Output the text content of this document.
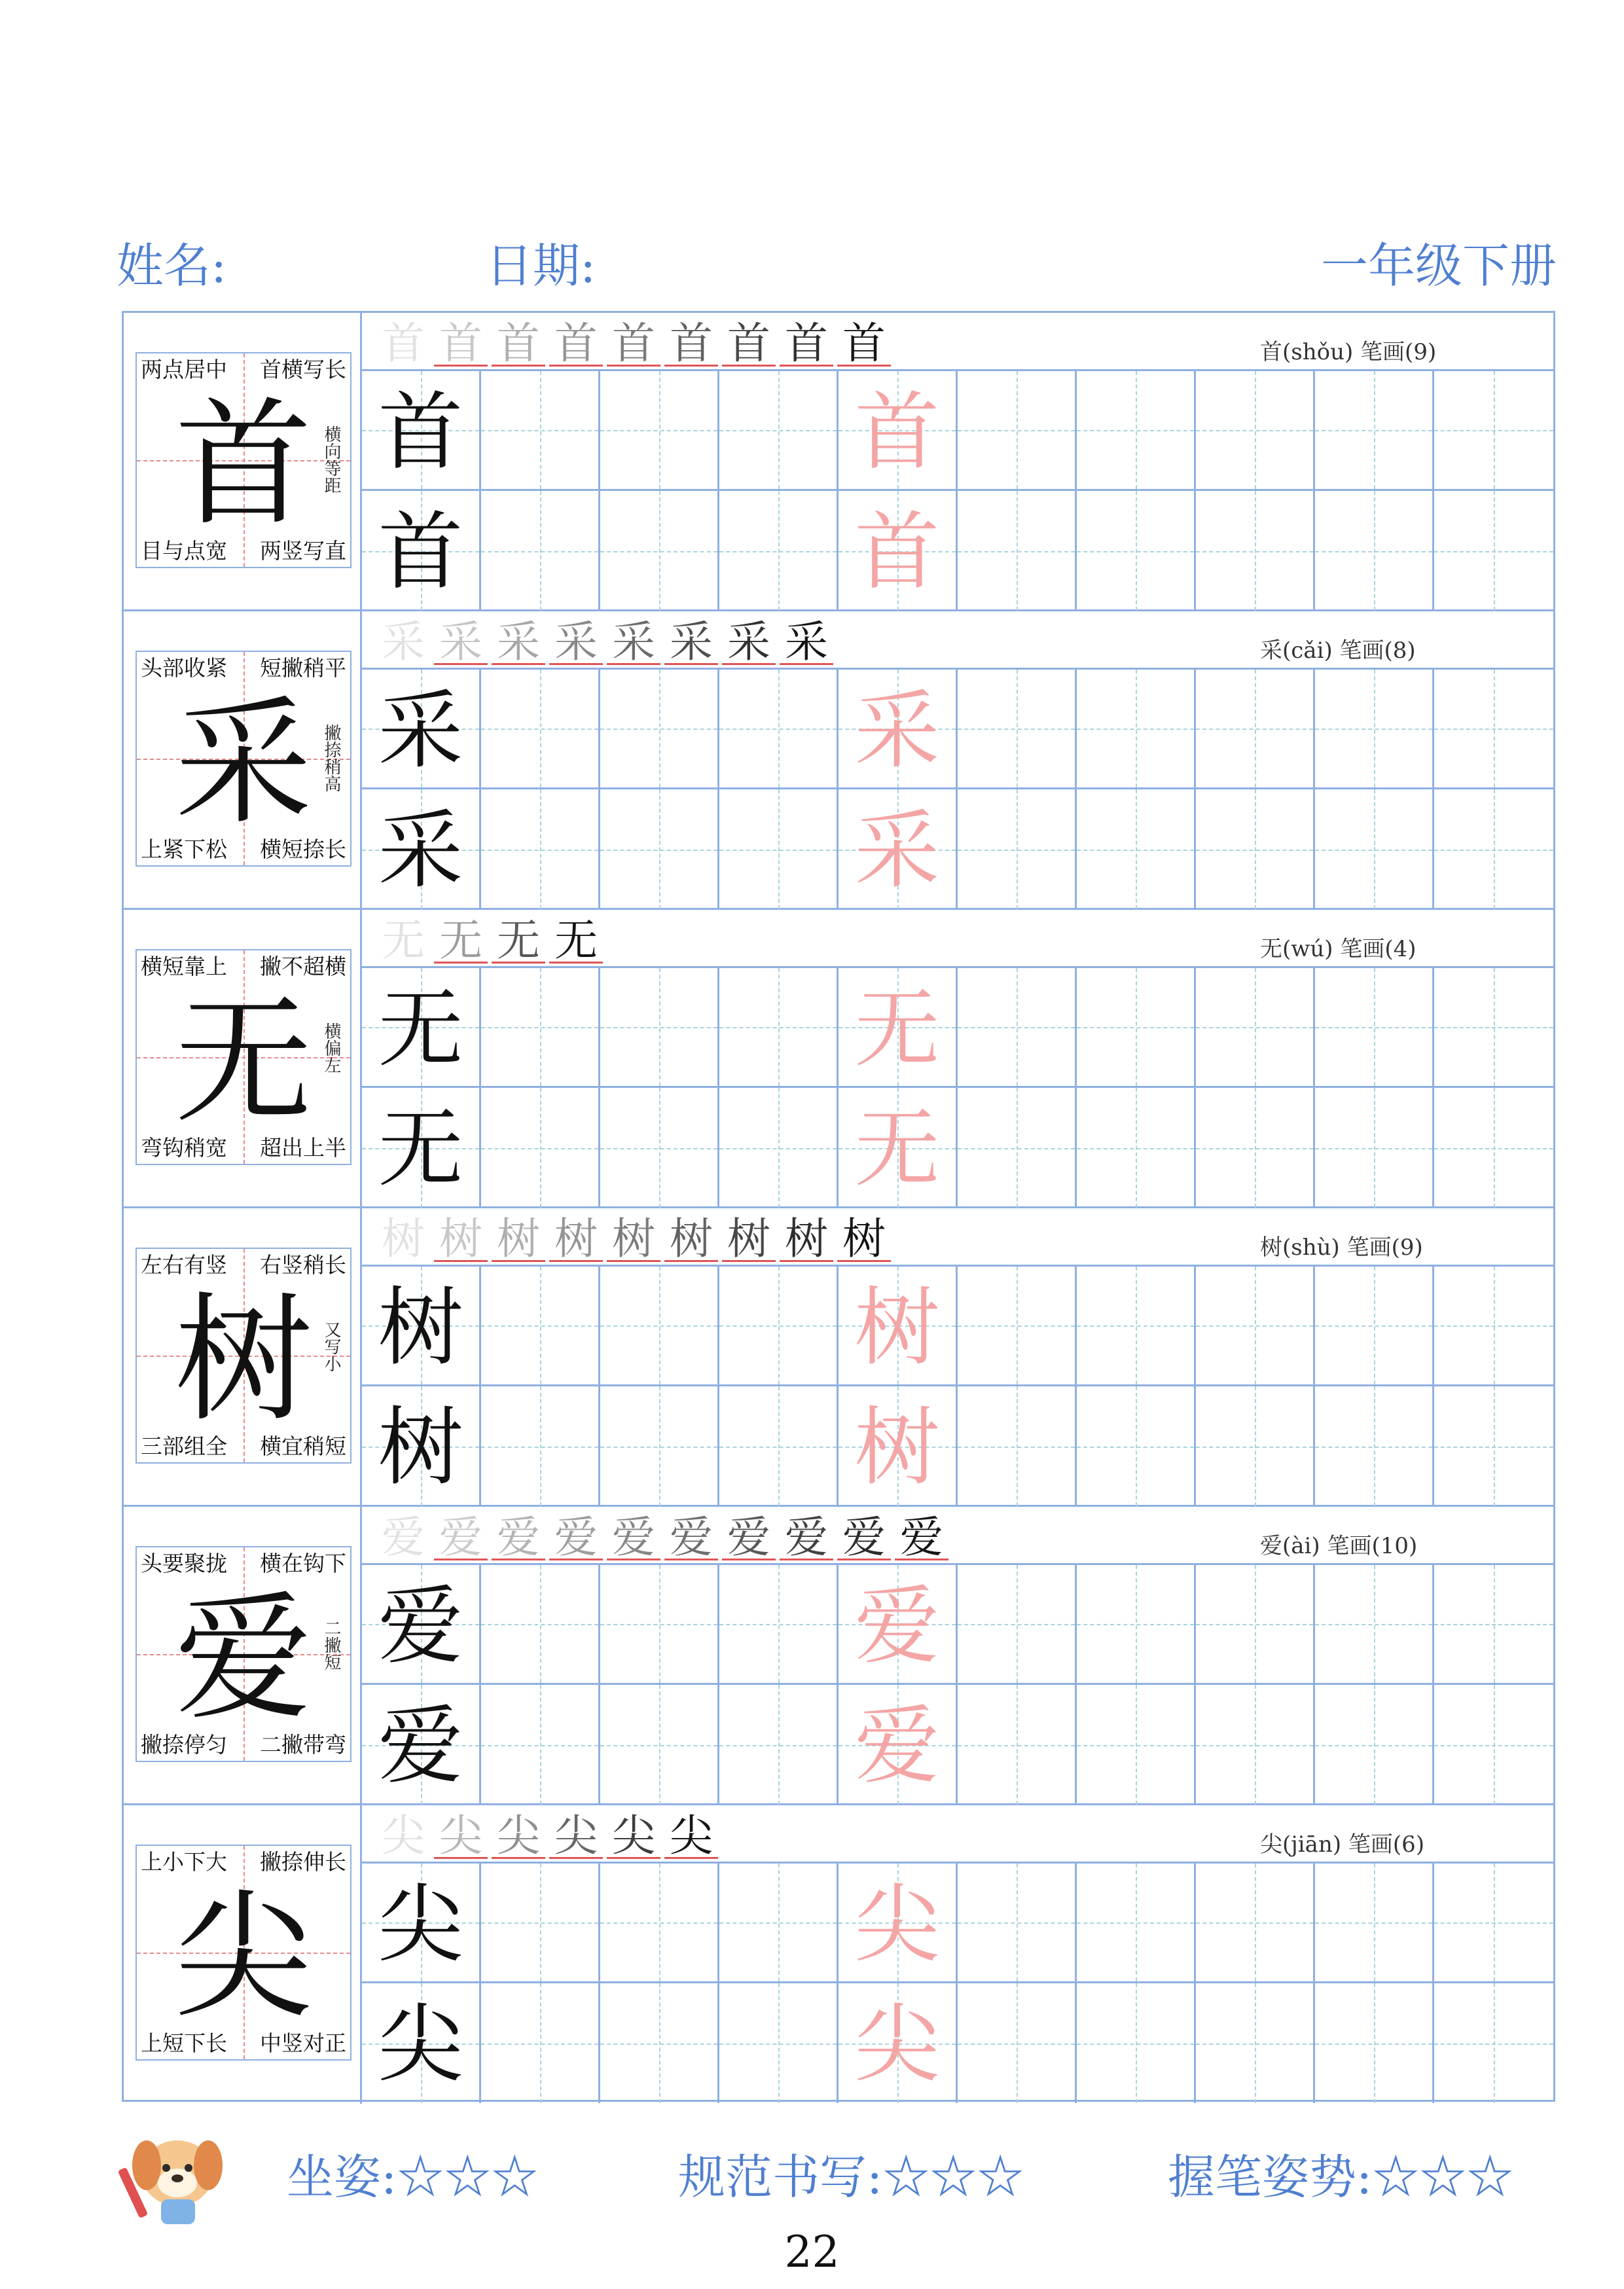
姓名:	日期:	一年级下册
两点居中 首横写长
首 横向等距
目与点宽 两竖写直
首 首 首 首 首 首 首 首 首	首(shǒu) 笔画(9)
首	首
首	首
头部收紧 短撇稍平
采 撇捺稍高
上紧下松 横短捺长
采 采 采 采 采 采 采 采	采(cǎi) 笔画(8)
采	采
采	采
横短靠上 撇不超横
无 横偏左
弯钩稍宽 超出上半
无 无 无 无	无(wú) 笔画(4)
无	无
无	无
左右有竖 右竖稍长
树 又写小
三部组全 横宜稍短
树 树 树 树 树 树 树 树 树	树(shù) 笔画(9)
树	树
树	树
头要聚拢 横在钩下
爱 二撇短
撇捺停匀 二撇带弯
爱 爱 爱 爱 爱 爱 爱 爱 爱 爱	爱(ài) 笔画(10)
爱	爱
爱	爱
上小下大 撇捺伸长
尖
上短下长 中竖对正
尖 尖 尖 尖 尖 尖	尖(jiān) 笔画(6)
尖	尖
尖	尖
坐姿:☆☆☆	规范书写:☆☆☆	握笔姿势:☆☆☆
22
